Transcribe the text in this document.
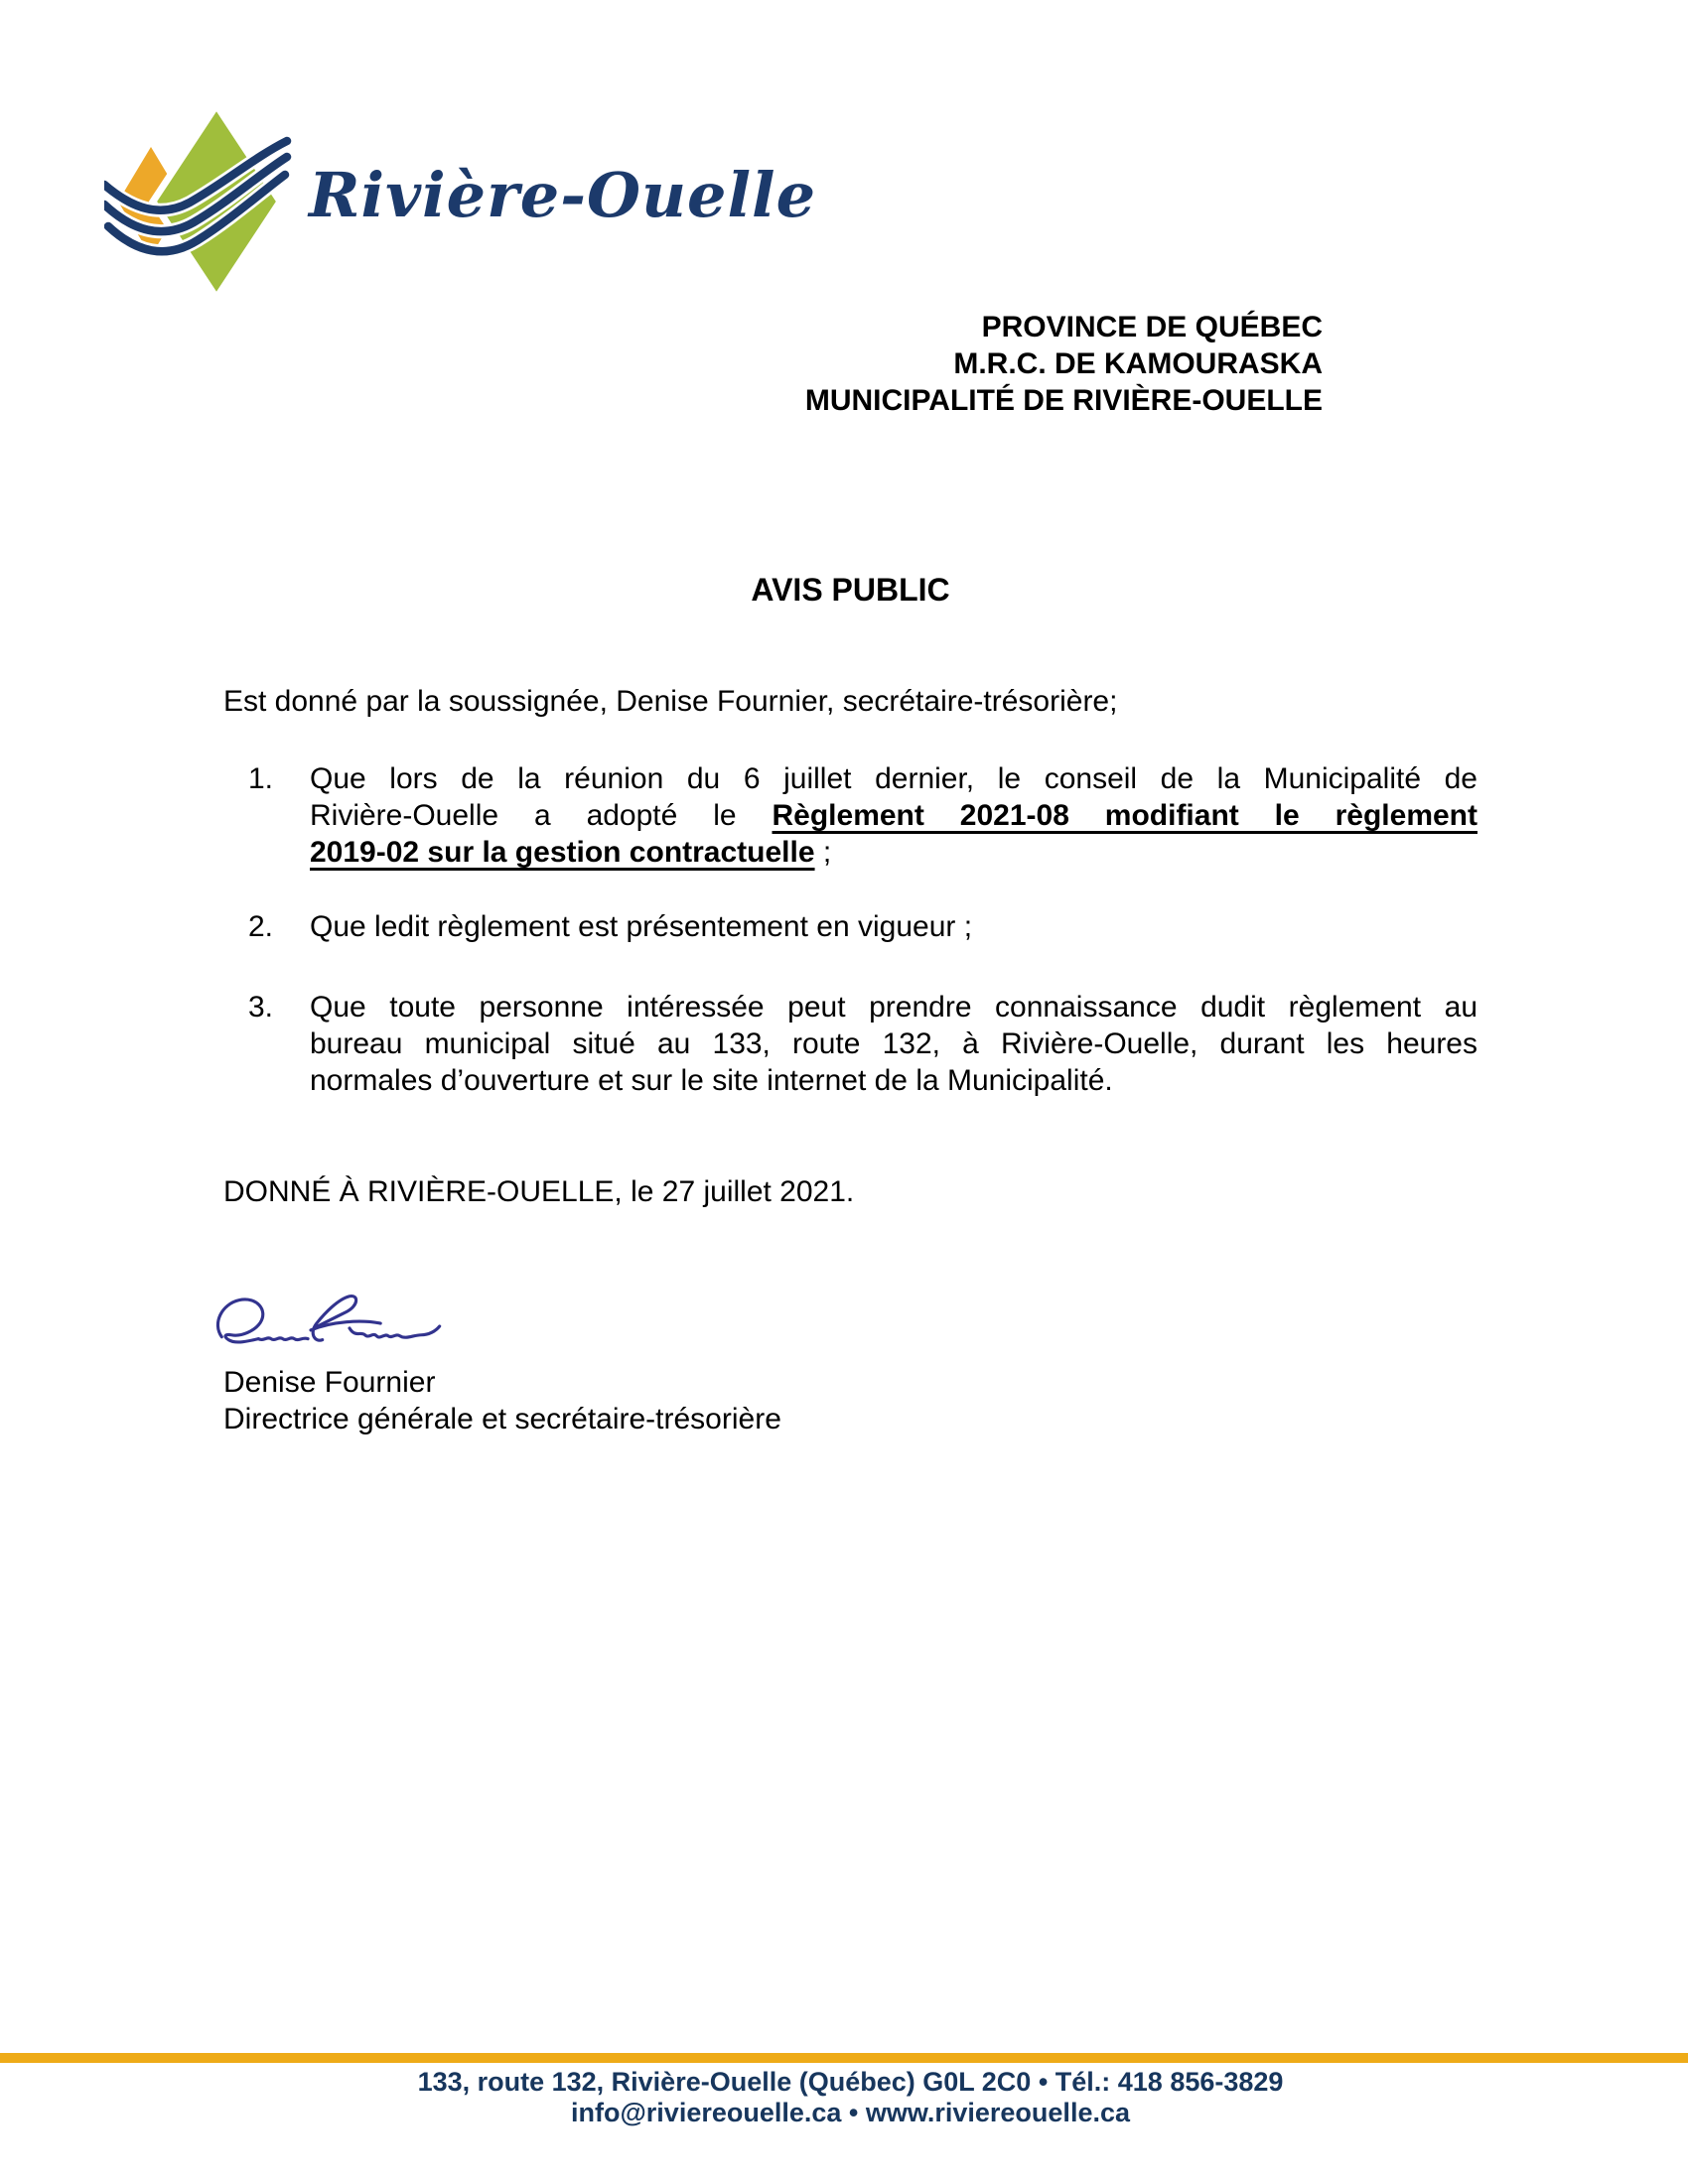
Rivière-Ouelle
PROVINCE DE QUÉBEC
M.R.C. DE KAMOURASKA
MUNICIPALITÉ DE RIVIÈRE-OUELLE
AVIS PUBLIC
Est donné par la soussignée, Denise Fournier, secrétaire-trésorière;
1. Que lors de la réunion du 6 juillet dernier, le conseil de la Municipalité de
Rivière-Ouelle a adopté le Règlement 2021-08 modifiant le règlement
2019-02 sur la gestion contractuelle ;
2. Que ledit règlement est présentement en vigueur ;
3. Que toute personne intéressée peut prendre connaissance dudit règlement au
bureau municipal situé au 133, route 132, à Rivière-Ouelle, durant les heures
normales d’ouverture et sur le site internet de la Municipalité.
DONNÉ À RIVIÈRE-OUELLE, le 27 juillet 2021.
Denise Fournier
Directrice générale et secrétaire-trésorière
133, route 132, Rivière-Ouelle (Québec) G0L 2C0 • Tél.: 418 856-3829
info@riviereouelle.ca • www.riviereouelle.ca
